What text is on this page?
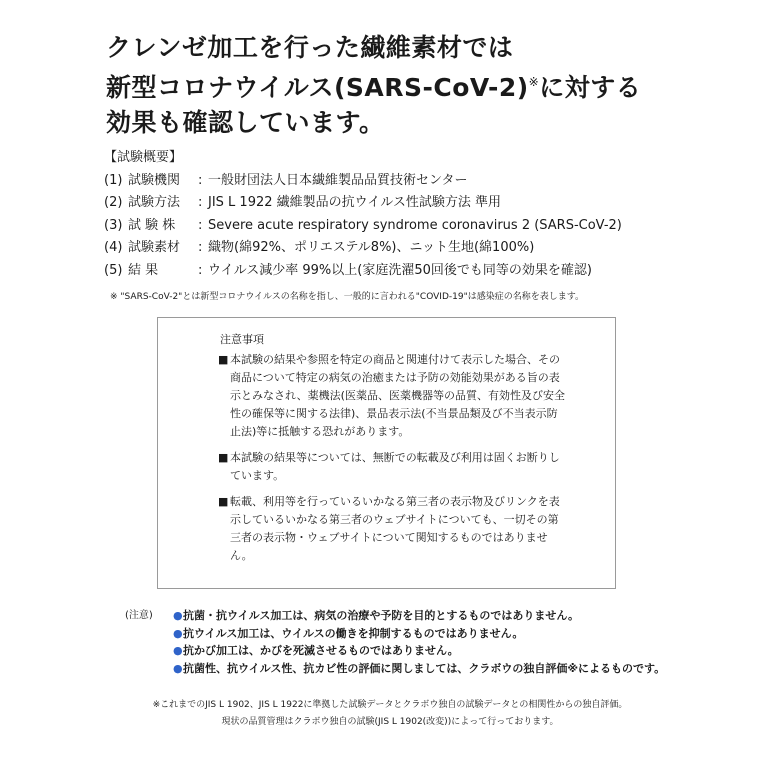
クレンゼ加工を行った繊維素材では
新型コロナウイルス(SARS-CoV-2)※に対する
効果も確認しています。
【試験概要】
(1) 試験機関	: 一般財団法人日本繊維製品品質技術センター
(2) 試験方法	: JIS L 1922 繊維製品の抗ウイルス性試験方法 準用
(3) 試 験 株	: Severe acute respiratory syndrome coronavirus 2 (SARS-CoV-2)
(4) 試験素材	: 織物(綿92%、ポリエステル8%)、ニット生地(綿100%)
(5) 結 果	: ウイルス減少率 99%以上(家庭洗濯50回後でも同等の効果を確認)
※ "SARS-CoV-2"とは新型コロナウイルスの名称を指し、一般的に言われる"COVID-19"は感染症の名称を表します。
注意事項
■ 本試験の結果や参照を特定の商品と関連付けて表示した場合、その商品について特定の病気の治癒または予防の効能効果がある旨の表示とみなされ、薬機法(医薬品、医薬機器等の品質、有効性及び安全性の確保等に関する法律)、景品表示法(不当景品類及び不当表示防止法)等に抵触する恐れがあります。
■ 本試験の結果等については、無断での転載及び利用は固くお断りしています。
■ 転載、利用等を行っているいかなる第三者の表示物及びリンクを表示しているいかなる第三者のウェブサイトについても、一切その第三者の表示物・ウェブサイトについて関知するものではありません。
(注意)	● 抗菌・抗ウイルス加工は、病気の治療や予防を目的とするものではありません。
● 抗ウイルス加工は、ウイルスの働きを抑制するものではありません。
● 抗かび加工は、かびを死滅させるものではありません。
● 抗菌性、抗ウイルス性、抗カビ性の評価に関しましては、クラボウの独自評価※によるものです。
※これまでのJIS L 1902、JIS L 1922に準拠した試験データとクラボウ独自の試験データとの相関性からの独自評価。
現状の品質管理はクラボウ独自の試験(JIS L 1902(改変))によって行っております。
